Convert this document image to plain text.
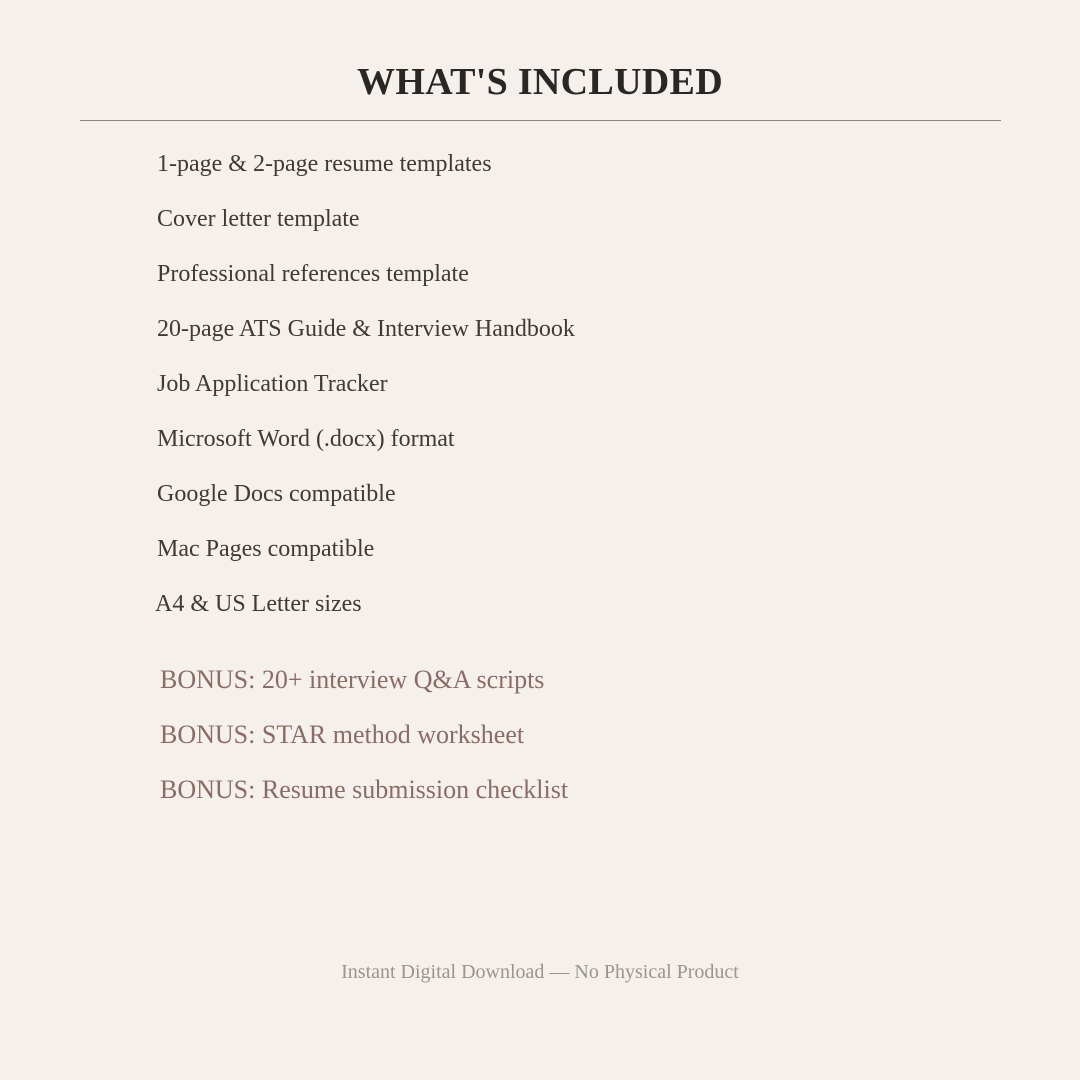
WHAT'S INCLUDED
1-page & 2-page resume templates
Cover letter template
Professional references template
20-page ATS Guide & Interview Handbook
Job Application Tracker
Microsoft Word (.docx) format
Google Docs compatible
Mac Pages compatible
A4 & US Letter sizes
BONUS: 20+ interview Q&A scripts
BONUS: STAR method worksheet
BONUS: Resume submission checklist
Instant Digital Download — No Physical Product
